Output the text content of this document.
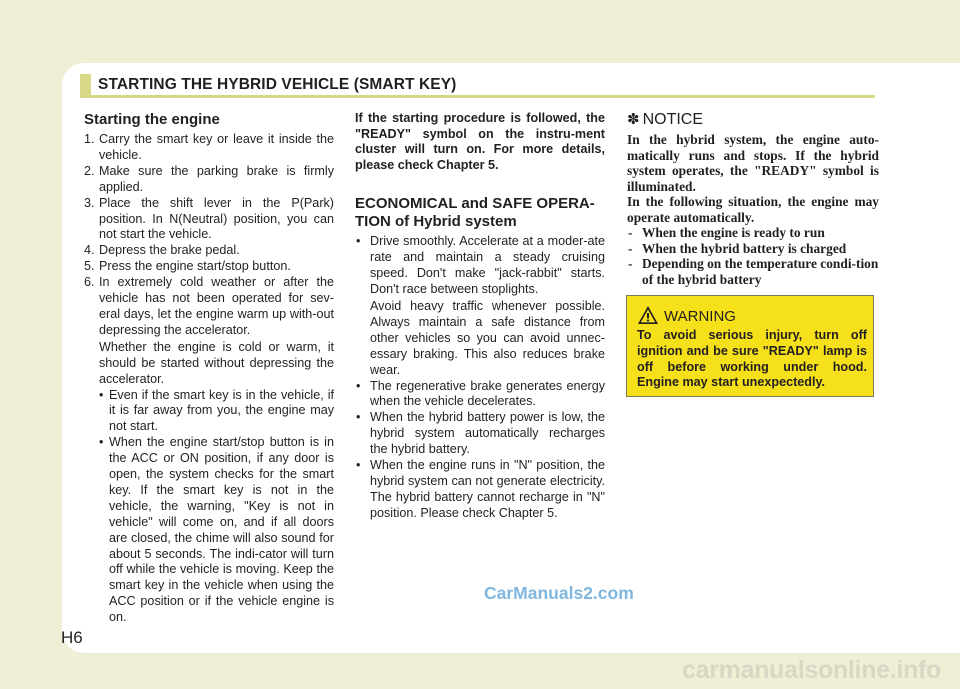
STARTING THE HYBRID VEHICLE (SMART KEY)
Starting the engine
1. Carry the smart key or leave it inside the vehicle.
2. Make sure the parking brake is firmly applied.
3. Place the shift lever in the P(Park) position. In N(Neutral) position, you can not start the vehicle.
4. Depress the brake pedal.
5. Press the engine start/stop button.
6. In extremely cold weather or after the vehicle has not been operated for sev-eral days, let the engine warm up with-out depressing the accelerator.
Whether the engine is cold or warm, it should be started without depressing the accelerator.
• Even if the smart key is in the vehicle, if it is far away from you, the engine may not start.
• When the engine start/stop button is in the ACC or ON position, if any door is open, the system checks for the smart key. If the smart key is not in the vehicle, the warning, "Key is not in vehicle" will come on, and if all doors are closed, the chime will also sound for about 5 seconds. The indi-cator will turn off while the vehicle is moving. Keep the smart key in the vehicle when using the ACC position or if the vehicle engine is on.

If the starting procedure is followed, the "READY" symbol on the instru-ment cluster will turn on. For more details, please check Chapter 5.

ECONOMICAL and SAFE OPERA-TION of Hybrid system
• Drive smoothly. Accelerate at a moder-ate rate and maintain a steady cruising speed. Don't make "jack-rabbit" starts. Don't race between stoplights.
Avoid heavy traffic whenever possible. Always maintain a safe distance from other vehicles so you can avoid unnec-essary braking. This also reduces brake wear.
• The regenerative brake generates energy when the vehicle decelerates.
• When the hybrid battery power is low, the hybrid system automatically recharges the hybrid battery.
• When the engine runs in "N" position, the hybrid system can not generate electricity. The hybrid battery cannot recharge in "N" position. Please check Chapter 5.
✽ NOTICE
In the hybrid system, the engine auto-matically runs and stops. If the hybrid system operates, the "READY" symbol is illuminated.
In the following situation, the engine may operate automatically.
- When the engine is ready to run
- When the hybrid battery is charged
- Depending on the temperature condi-tion of the hybrid battery
WARNING
To avoid serious injury, turn off ignition and be sure "READY" lamp is off before working under hood. Engine may start unexpectedly.
H6
CarManuals2.com
carmanualsonline.info
